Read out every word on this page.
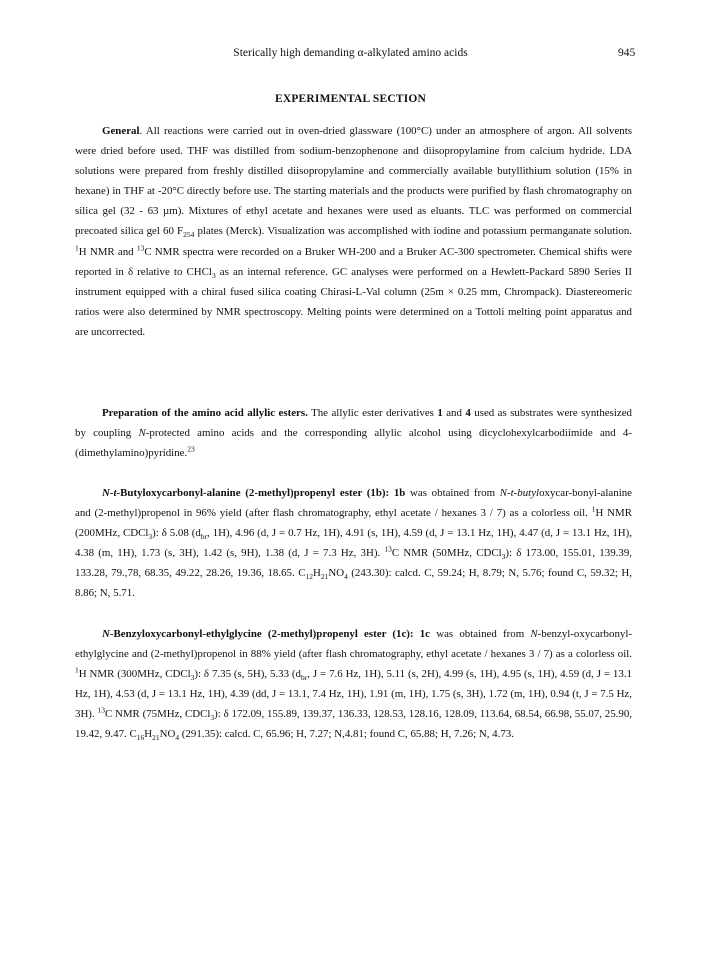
Sterically high demanding α-alkylated amino acids	945
EXPERIMENTAL SECTION

General. All reactions were carried out in oven-dried glassware (100°C) under an atmosphere of argon. All solvents were dried before used. THF was distilled from sodium-benzophenone and diisopropylamine from calcium hydride. LDA solutions were prepared from freshly distilled diisopropylamine and commercially available butyllithium solution (15% in hexane) in THF at -20°C directly before use. The starting materials and the products were purified by flash chromatography on silica gel (32 - 63 µm). Mixtures of ethyl acetate and hexanes were used as eluants. TLC was performed on commercial precoated silica gel 60 $F_{254}$ plates (Merck). Visualization was accomplished with iodine and potassium permanganate solution. $^1$H NMR and $^{13}$C NMR spectra were recorded on a Bruker WH-200 and a Bruker AC-300 spectrometer. Chemical shifts were reported in δ relative to CHCl$_3$ as an internal reference. GC analyses were performed on a Hewlett-Packard 5890 Series II instrument equipped with a chiral fused silica coating Chirasi-L-Val column (25m × 0.25 mm, Chrompack). Diastereomeric ratios were also determined by NMR spectroscopy. Melting points were determined on a Tottoli melting point apparatus and are uncorrected.

Preparation of the amino acid allylic esters. The allylic ester derivatives 1 and 4 used as substrates were synthesized by coupling N-protected amino acids and the corresponding allylic alcohol using dicyclohexylcarbodiimide and 4-(dimethylamino)pyridine.$^{23}$

N-t-Butyloxycarbonyl-alanine (2-methyl)propenyl ester (1b): 1b was obtained from N-t-butyloxycar-bonyl-alanine and (2-methyl)propenol in 96% yield (after flash chromatography, ethyl acetate / hexanes 3 / 7) as a colorless oil. $^1$H NMR (200MHz, CDCl$_3$): δ 5.08 ($d_{br}$, 1H), 4.96 (d, J = 0.7 Hz, 1H), 4.91 (s, 1H), 4.59 (d, J = 13.1 Hz, 1H), 4.47 (d, J = 13.1 Hz, 1H), 4.38 (m, 1H), 1.73 (s, 3H), 1.42 (s, 9H), 1.38 (d, J = 7.3 Hz, 3H). $^{13}$C NMR (50MHz, CDCl$_3$): δ 173.00, 155.01, 139.39, 133.28, 79.,78, 68.35, 49.22, 28.26, 19.36, 18.65. $C_{12}H_{21}NO_4$ (243.30): calcd. C, 59.24; H, 8.79; N, 5.76; found C, 59.32; H, 8.86; N, 5.71.

N-Benzyloxycarbonyl-ethylglycine (2-methyl)propenyl ester (1c): 1c was obtained from N-benzyl-oxycarbonyl-ethylglycine and (2-methyl)propenol in 88% yield (after flash chromatography, ethyl acetate / hexanes 3 / 7) as a colorless oil. $^1$H NMR (300MHz, CDCl$_3$): δ 7.35 (s, 5H), 5.33 ($d_{br}$, J = 7.6 Hz, 1H), 5.11 (s, 2H), 4.99 (s, 1H), 4.95 (s, 1H), 4.59 (d, J = 13.1 Hz, 1H), 4.53 (d, J = 13.1 Hz, 1H), 4.39 (dd, J = 13.1, 7.4 Hz, 1H), 1.91 (m, 1H), 1.75 (s, 3H), 1.72 (m, 1H), 0.94 (t, J = 7.5 Hz, 3H). $^{13}$C NMR (75MHz, CDCl$_3$): δ 172.09, 155.89, 139.37, 136.33, 128.53, 128.16, 128.09, 113.64, 68.54, 66.98, 55.07, 25.90, 19.42, 9.47. $C_{16}H_{21}NO_4$ (291.35): calcd. C, 65.96; H, 7.27; N,4.81; found C, 65.88; H, 7.26; N, 4.73.
